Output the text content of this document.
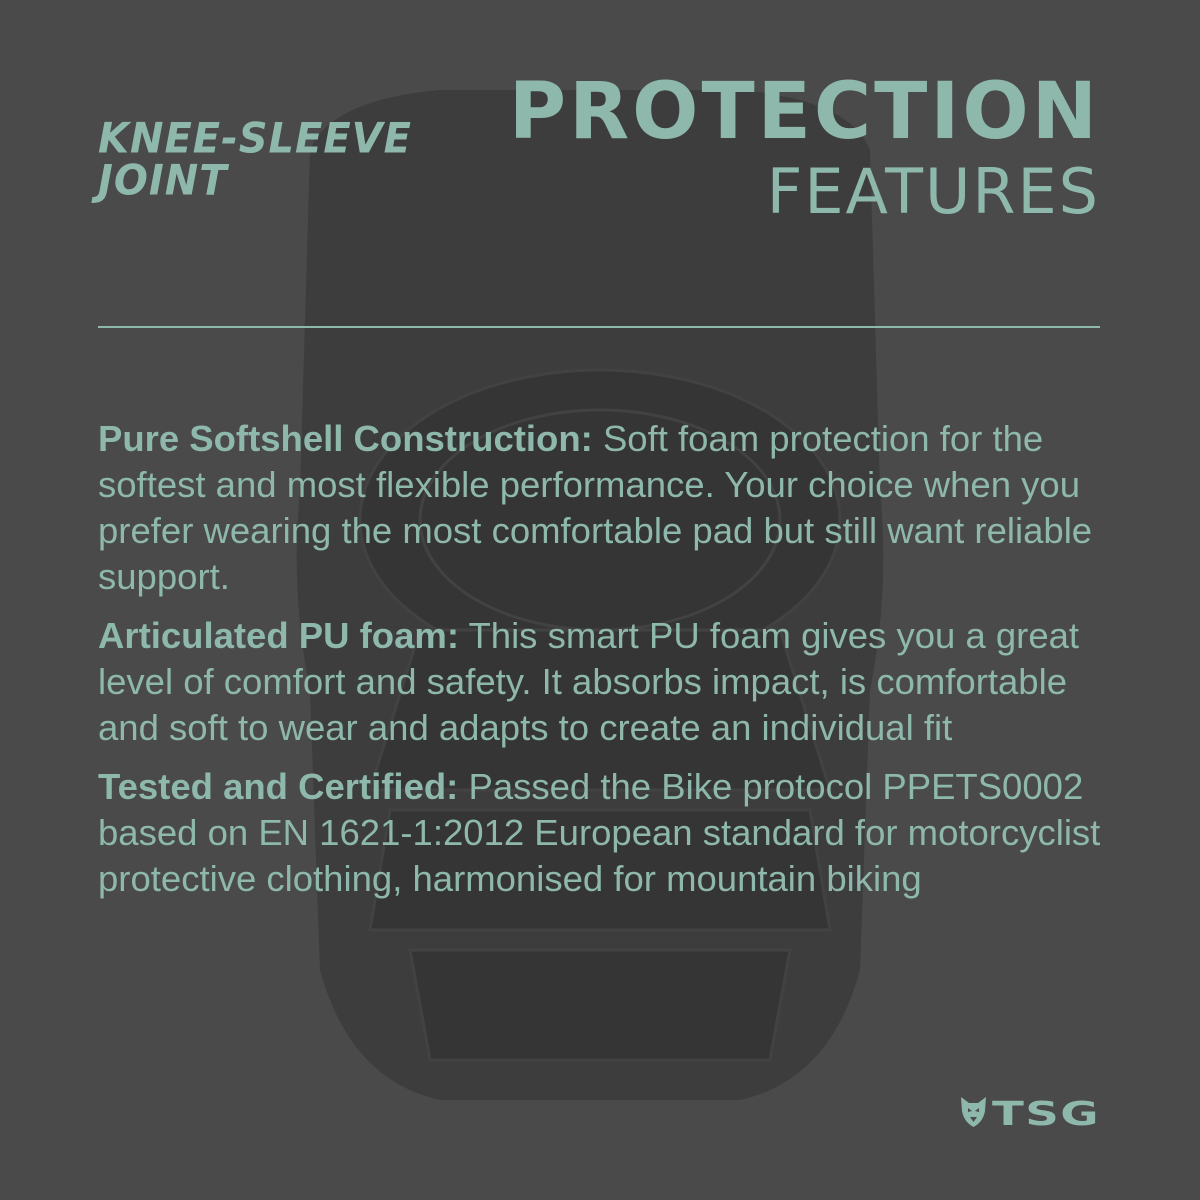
KNEE-SLEEVE
JOINT
PROTECTION
FEATURES

Pure Softshell Construction: Soft foam protection for the softest and most flexible performance. Your choice when you prefer wearing the most comfortable pad but still want reliable support.

Articulated PU foam: This smart PU foam gives you a great level of comfort and safety. It absorbs impact, is comfortable and soft to wear and adapts to create an individual fit

Tested and Certified: Passed the Bike protocol PPETS0002 based on EN 1621-1:2012 European standard for motorcyclist protective clothing, harmonised for mountain biking

TSG
